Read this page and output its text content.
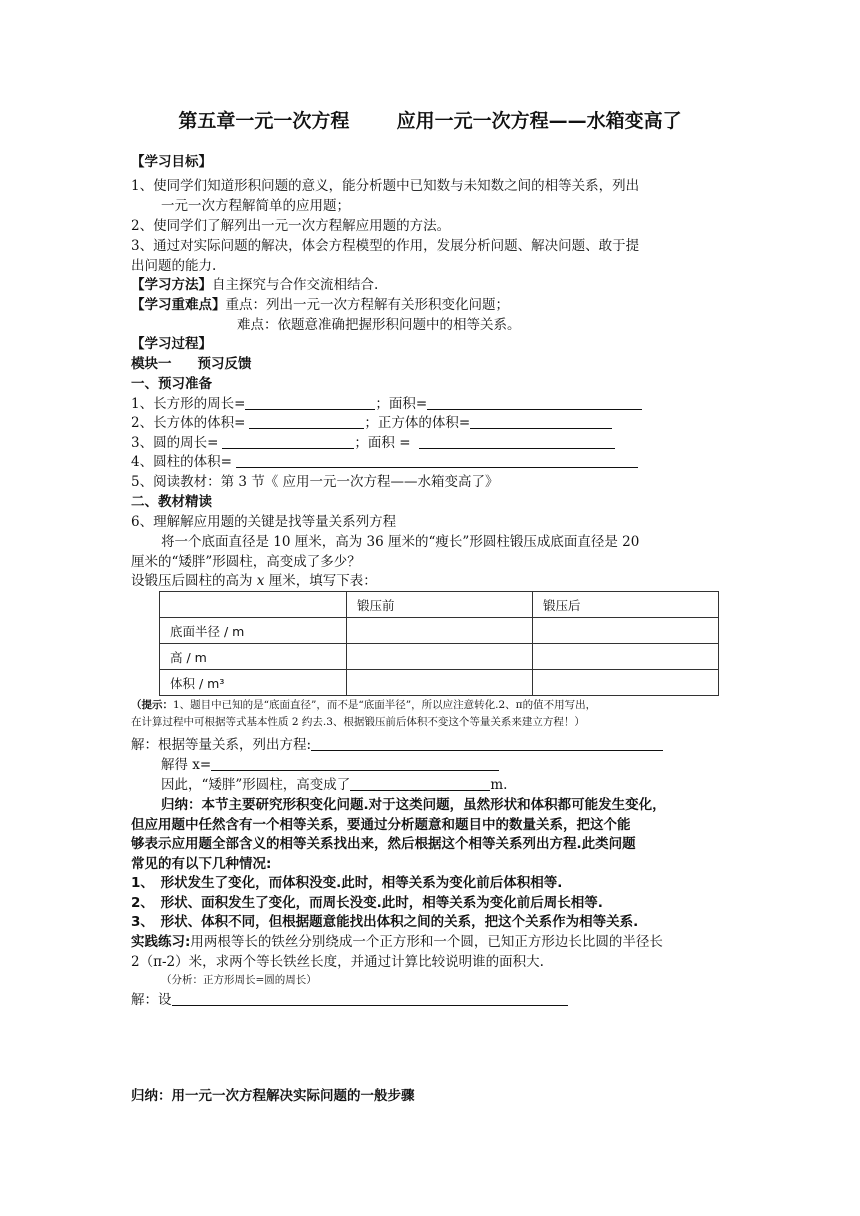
第五章一元一次方程 应用一元一次方程——水箱变高了
【学习目标】
1、使同学们知道形积问题的意义，能分析题中已知数与未知数之间的相等关系，列出
一元一次方程解简单的应用题；
2、使同学们了解列出一元一次方程解应用题的方法。
3、通过对实际问题的解决，体会方程模型的作用，发展分析问题、解决问题、敢于提
出问题的能力.
【学习方法】自主探究与合作交流相结合.
【学习重难点】重点：列出一元一次方程解有关形积变化问题；
难点：依题意准确把握形积问题中的相等关系。
【学习过程】
模块一 预习反馈
一、预习准备
1、长方形的周长=	；面积=
2、长方体的体积=	；正方体的体积=
3、圆的周长=	；面积 =
4、圆柱的体积=
5、阅读教材：第 3 节《 应用一元一次方程——水箱变高了》
二、教材精读
6、理解解应用题的关键是找等量关系列方程
将一个底面直径是 10 厘米，高为 36 厘米的“瘦长”形圆柱锻压成底面直径是 20
厘米的“矮胖”形圆柱，高变成了多少？
设锻压后圆柱的高为 x 厘米，填写下表：
	锻压前	锻压后
底面半径 / m		
高 / m		
体积 / m³		
（提示：1、题目中已知的是“底面直径”，而不是“底面半径”，所以应注意转化.2、π的值不用写出，
在计算过程中可根据等式基本性质 2 约去.3、根据锻压前后体积不变这个等量关系来建立方程！）
解：根据等量关系，列出方程:
解得 x=
因此，“矮胖”形圆柱，高变成了	m.
归纳：本节主要研究形积变化问题.对于这类问题，虽然形状和体积都可能发生变化，
但应用题中任然含有一个相等关系，要通过分析题意和题目中的数量关系，把这个能
够表示应用题全部含义的相等关系找出来，然后根据这个相等关系列出方程.此类问题
常见的有以下几种情况:
1、　形状发生了变化，而体积没变.此时，相等关系为变化前后体积相等.
2、　形状、面积发生了变化，而周长没变.此时，相等关系为变化前后周长相等.
3、　形状、体积不同，但根据题意能找出体积之间的关系，把这个关系作为相等关系.
实践练习:用两根等长的铁丝分别绕成一个正方形和一个圆，已知正方形边长比圆的半径长
2（π-2）米，求两个等长铁丝长度，并通过计算比较说明谁的面积大.
（分析：正方形周长=圆的周长）
解：设
归纳：用一元一次方程解决实际问题的一般步骤
